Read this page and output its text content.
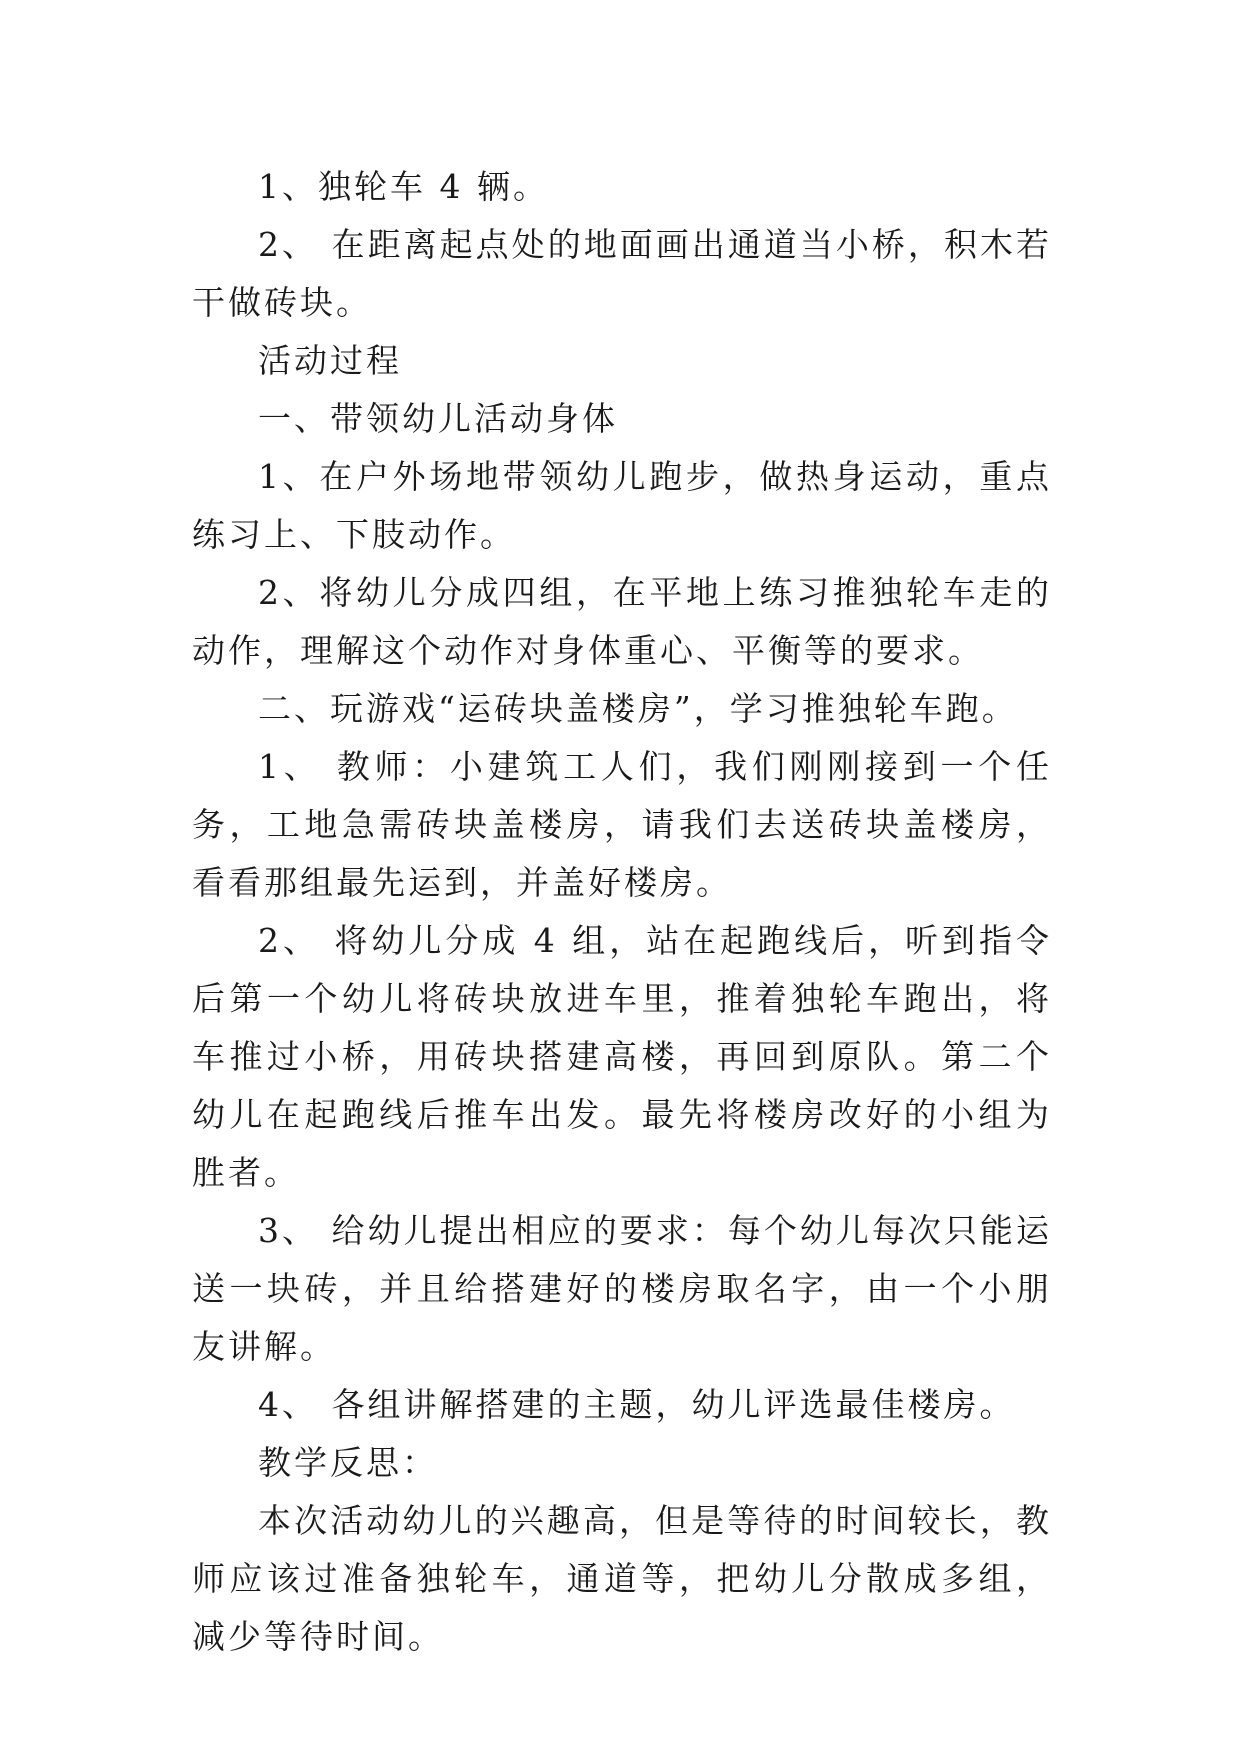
1、独轮车 4 辆。

2、 在距离起点处的地面画出通道当小桥，积木若干做砖块。

活动过程

一、带领幼儿活动身体

1、在户外场地带领幼儿跑步，做热身运动，重点练习上、下肢动作。

2、将幼儿分成四组，在平地上练习推独轮车走的动作，理解这个动作对身体重心、平衡等的要求。

二、玩游戏“运砖块盖楼房”，学习推独轮车跑。

1、 教师：小建筑工人们，我们刚刚接到一个任务，工地急需砖块盖楼房，请我们去送砖块盖楼房，看看那组最先运到，并盖好楼房。

2、 将幼儿分成 4 组，站在起跑线后，听到指令后第一个幼儿将砖块放进车里，推着独轮车跑出，将车推过小桥，用砖块搭建高楼，再回到原队。第二个幼儿在起跑线后推车出发。最先将楼房改好的小组为胜者。

3、 给幼儿提出相应的要求：每个幼儿每次只能运送一块砖，并且给搭建好的楼房取名字，由一个小朋友讲解。

4、 各组讲解搭建的主题，幼儿评选最佳楼房。

教学反思：

本次活动幼儿的兴趣高，但是等待的时间较长，教师应该过准备独轮车，通道等，把幼儿分散成多组，减少等待时间。
